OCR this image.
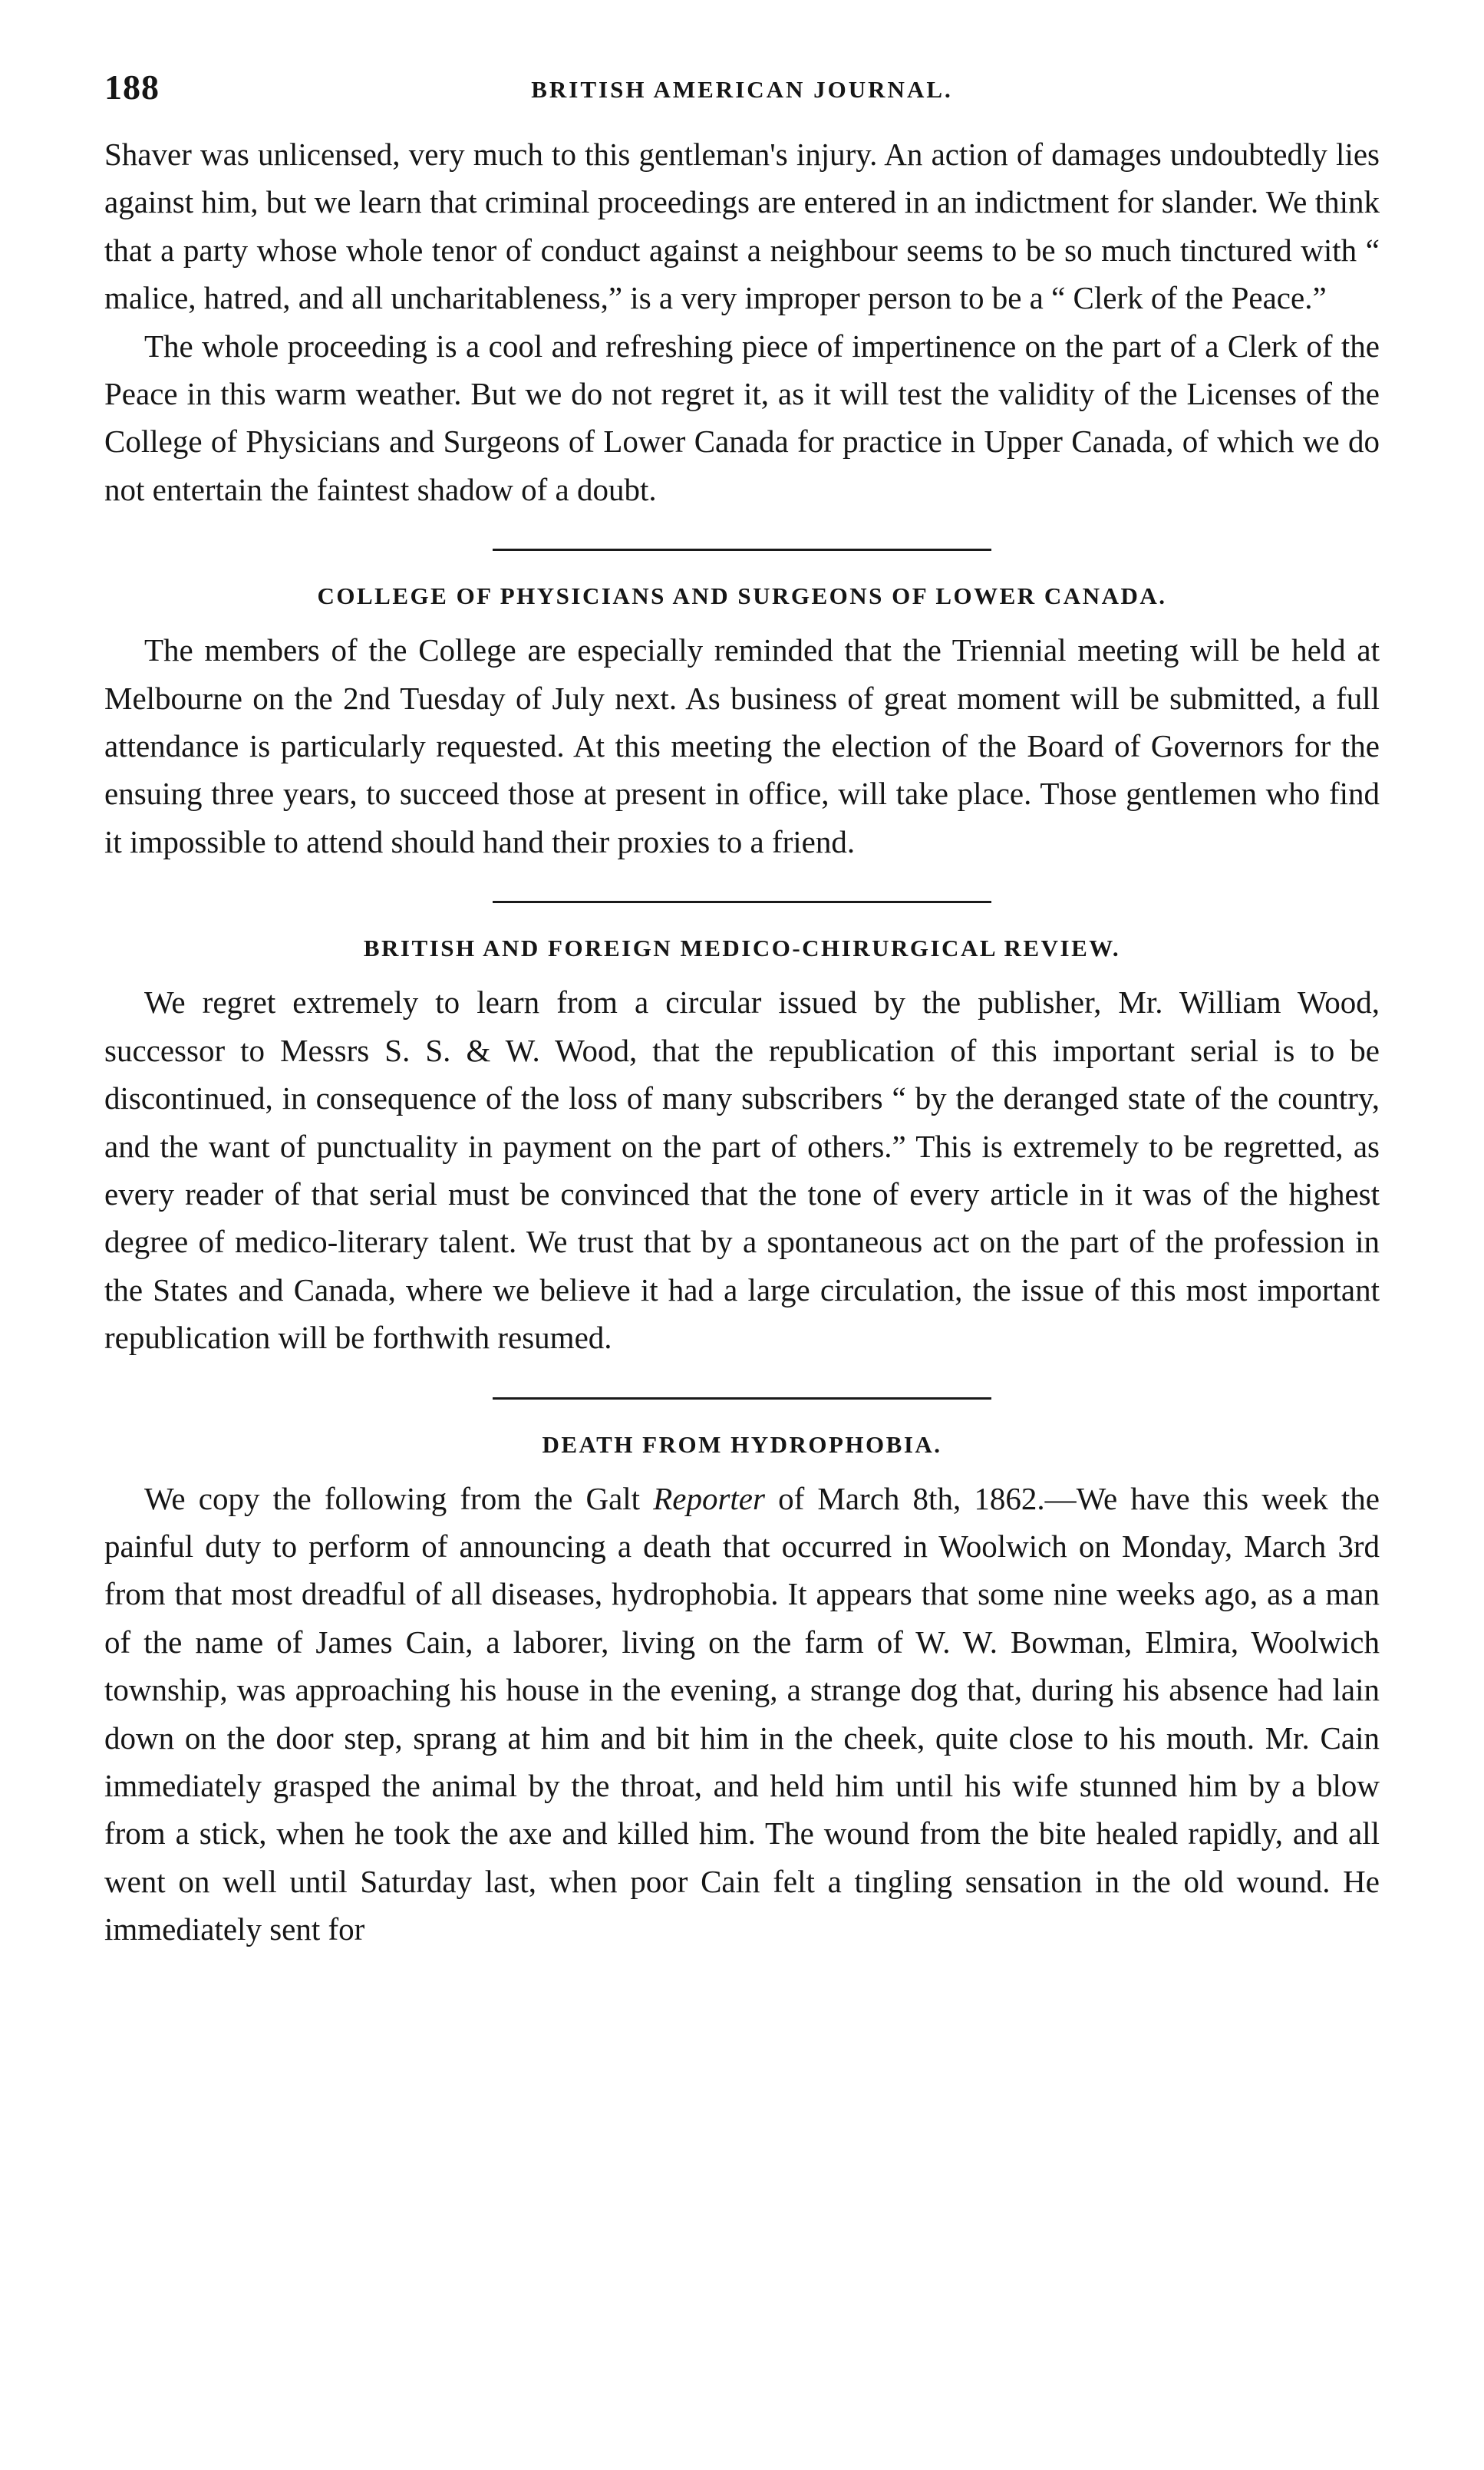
188	BRITISH AMERICAN JOURNAL.

Shaver was unlicensed, very much to this gentleman's injury. An action of damages undoubtedly lies against him, but we learn that criminal proceedings are entered in an indictment for slander. We think that a party whose whole tenor of conduct against a neighbour seems to be so much tinctured with “ malice, hatred, and all uncharitableness,” is a very improper person to be a “ Clerk of the Peace.”

The whole proceeding is a cool and refreshing piece of impertinence on the part of a Clerk of the Peace in this warm weather. But we do not regret it, as it will test the validity of the Licenses of the College of Physicians and Surgeons of Lower Canada for practice in Upper Canada, of which we do not entertain the faintest shadow of a doubt.

COLLEGE OF PHYSICIANS AND SURGEONS OF LOWER CANADA.

The members of the College are especially reminded that the Triennial meeting will be held at Melbourne on the 2nd Tuesday of July next. As business of great moment will be submitted, a full attendance is particularly requested. At this meeting the election of the Board of Governors for the ensuing three years, to succeed those at present in office, will take place. Those gentlemen who find it impossible to attend should hand their proxies to a friend.

BRITISH AND FOREIGN MEDICO-CHIRURGICAL REVIEW.

We regret extremely to learn from a circular issued by the publisher, Mr. William Wood, successor to Messrs S. S. & W. Wood, that the republication of this important serial is to be discontinued, in consequence of the loss of many subscribers “ by the deranged state of the country, and the want of punctuality in payment on the part of others.” This is extremely to be regretted, as every reader of that serial must be convinced that the tone of every article in it was of the highest degree of medico-literary talent. We trust that by a spontaneous act on the part of the profession in the States and Canada, where we believe it had a large circulation, the issue of this most important republication will be forthwith resumed.

DEATH FROM HYDROPHOBIA.

We copy the following from the Galt Reporter of March 8th, 1862.—We have this week the painful duty to perform of announcing a death that occurred in Woolwich on Monday, March 3rd from that most dreadful of all diseases, hydrophobia. It appears that some nine weeks ago, as a man of the name of James Cain, a laborer, living on the farm of W. W. Bowman, Elmira, Woolwich township, was approaching his house in the evening, a strange dog that, during his absence had lain down on the door step, sprang at him and bit him in the cheek, quite close to his mouth. Mr. Cain immediately grasped the animal by the throat, and held him until his wife stunned him by a blow from a stick, when he took the axe and killed him. The wound from the bite healed rapidly, and all went on well until Saturday last, when poor Cain felt a tingling sensation in the old wound. He immediately sent for
